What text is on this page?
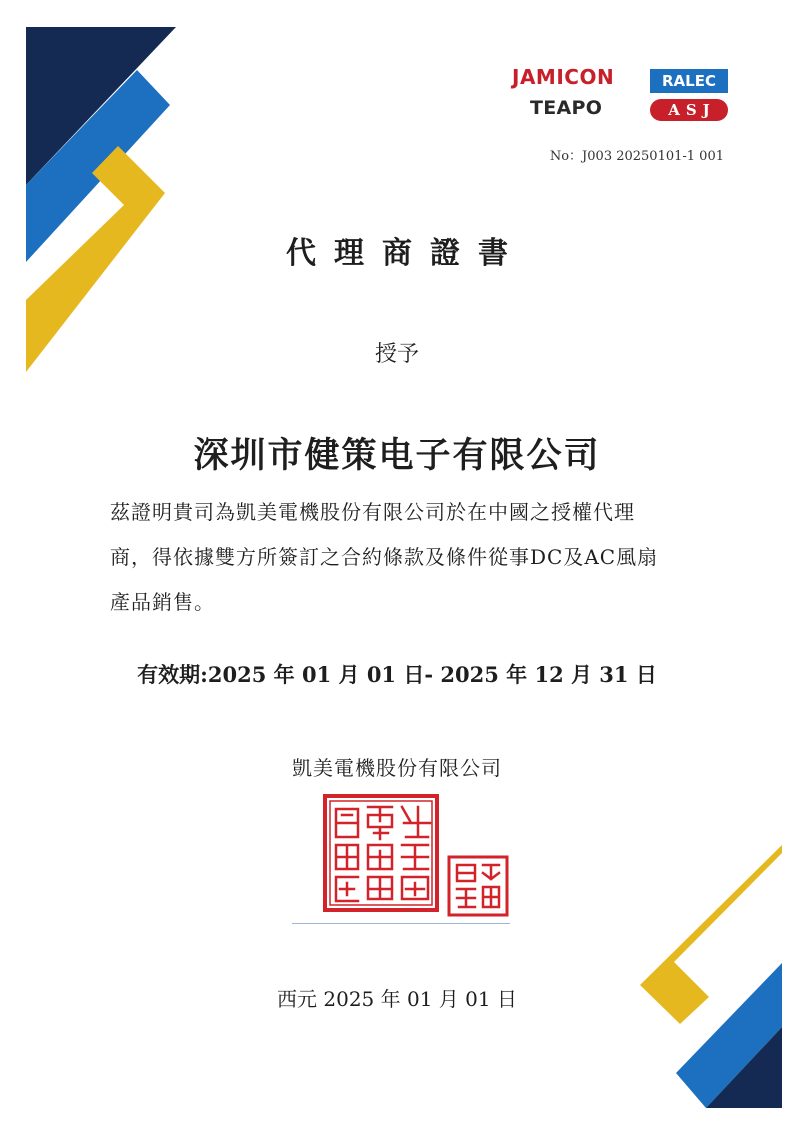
JAMICON
TEAPO
RALEC
ASJ
No：J003 20250101-1 001
代理商證書
授予
深圳市健策电子有限公司
茲證明貴司為凱美電機股份有限公司於在中國之授權代理
商，得依據雙方所簽訂之合約條款及條件從事DC及AC風扇
產品銷售。
有效期:2025 年 01 月 01 日- 2025 年 12 月 31 日
凱美電機股份有限公司
西元 2025 年 01 月 01 日
